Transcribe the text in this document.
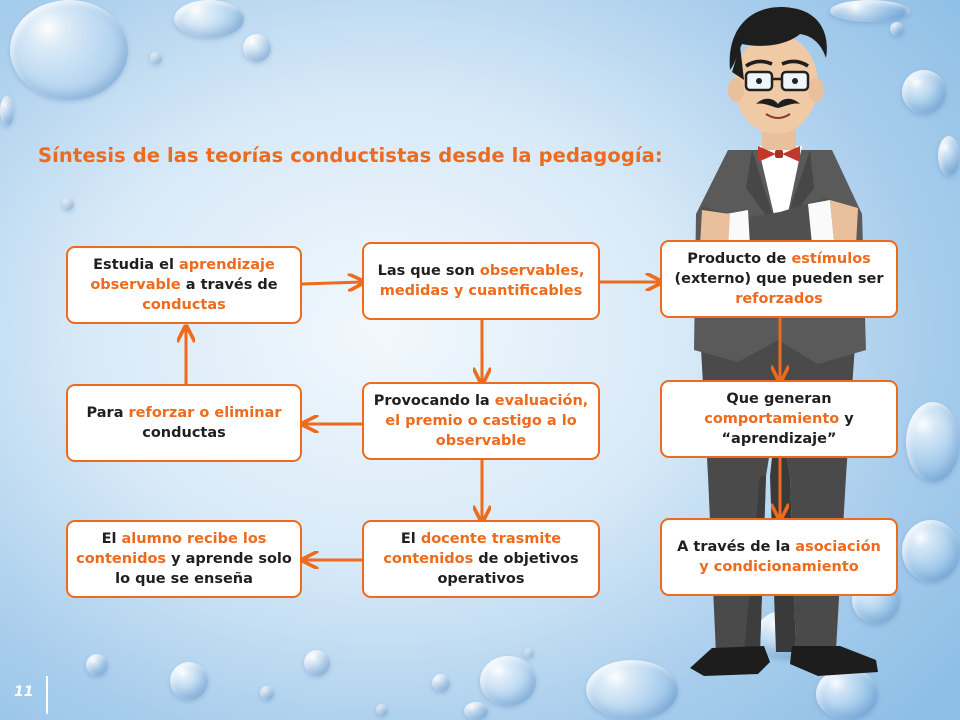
Síntesis de las teorías conductistas desde la pedagogía:
Estudia el aprendizaje observable a través de conductas
Las que son observables, medidas y cuantificables
Producto de estímulos (externo) que pueden ser reforzados
Para reforzar o eliminar conductas
Provocando la evaluación, el premio o castigo a lo observable
Que generan comportamiento y “aprendizaje”
El alumno recibe los contenidos y aprende solo lo que se enseña
El docente trasmite contenidos de objetivos operativos
A través de la asociación y condicionamiento
11
